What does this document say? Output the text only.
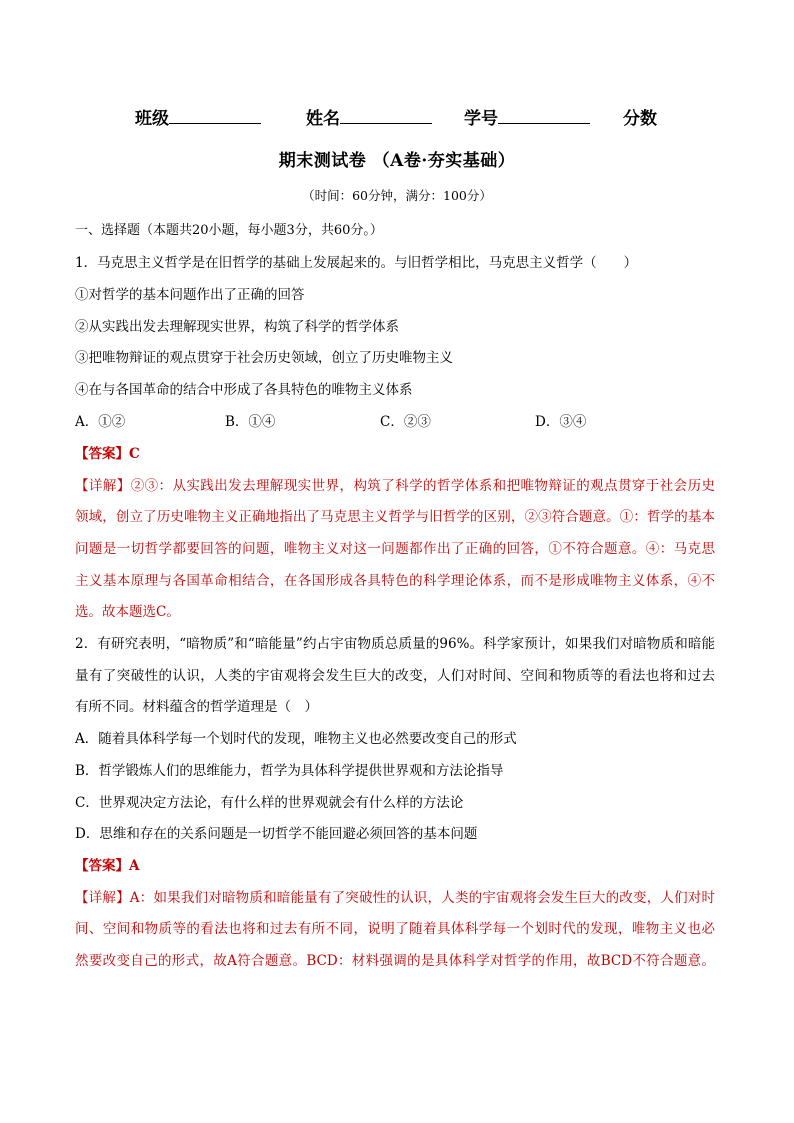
班级	姓名	学号	分数
期末测试卷 （A卷·夯实基础）
（时间：60分钟，满分：100分）
一、选择题（本题共20小题，每小题3分，共60分。）
1．马克思主义哲学是在旧哲学的基础上发展起来的。与旧哲学相比，马克思主义哲学（　　）
①对哲学的基本问题作出了正确的回答
②从实践出发去理解现实世界，构筑了科学的哲学体系
③把唯物辩证的观点贯穿于社会历史领域，创立了历史唯物主义
④在与各国革命的结合中形成了各具特色的唯物主义体系
A．①②	B．①④	C．②③	D．③④
【答案】C
【详解】②③：从实践出发去理解现实世界，构筑了科学的哲学体系和把唯物辩证的观点贯穿于社会历史
领域，创立了历史唯物主义正确地指出了马克思主义哲学与旧哲学的区别，②③符合题意。①：哲学的基本
问题是一切哲学都要回答的问题，唯物主义对这一问题都作出了正确的回答，①不符合题意。④：马克思
主义基本原理与各国革命相结合，在各国形成各具特色的科学理论体系，而不是形成唯物主义体系，④不
选。故本题选C。
2．有研究表明，“暗物质”和“暗能量”约占宇宙物质总质量的96%。科学家预计，如果我们对暗物质和暗能
量有了突破性的认识，人类的宇宙观将会发生巨大的改变，人们对时间、空间和物质等的看法也将和过去
有所不同。材料蕴含的哲学道理是（　）
A．随着具体科学每一个划时代的发现，唯物主义也必然要改变自己的形式
B．哲学锻炼人们的思维能力，哲学为具体科学提供世界观和方法论指导
C．世界观决定方法论，有什么样的世界观就会有什么样的方法论
D．思维和存在的关系问题是一切哲学不能回避必须回答的基本问题
【答案】A
【详解】A：如果我们对暗物质和暗能量有了突破性的认识，人类的宇宙观将会发生巨大的改变，人们对时
间、空间和物质等的看法也将和过去有所不同，说明了随着具体科学每一个划时代的发现，唯物主义也必
然要改变自己的形式，故A符合题意。BCD：材料强调的是具体科学对哲学的作用，故BCD不符合题意。
